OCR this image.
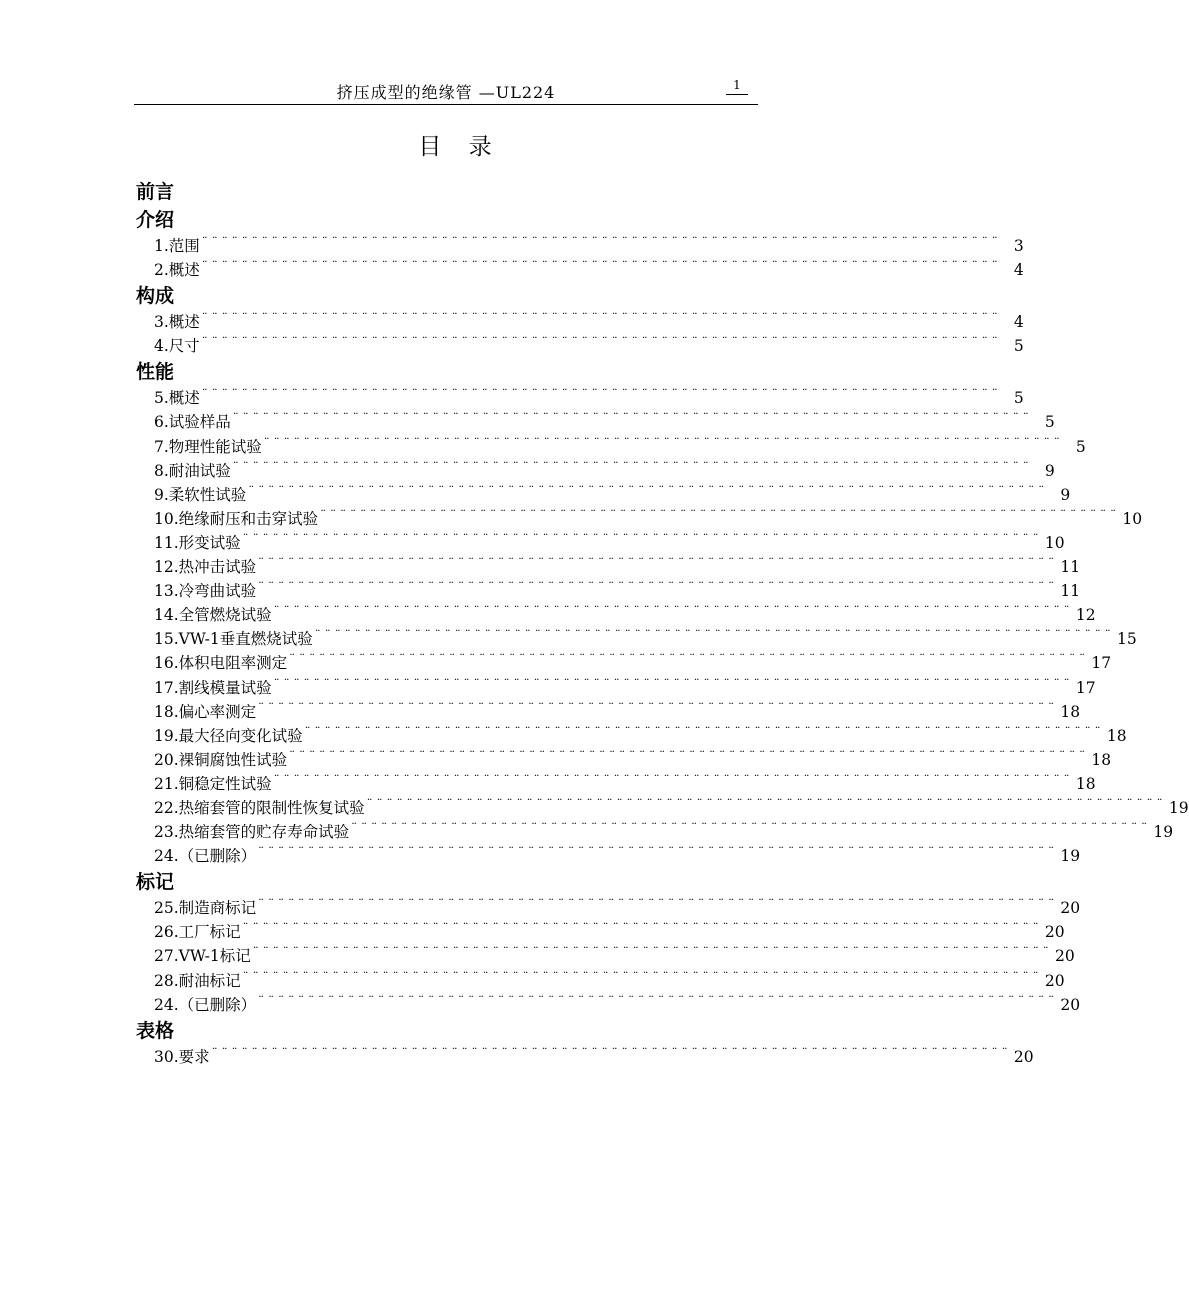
挤压成型的绝缘管 —UL224	1
目 录
前言
介绍
1.范围 ¨¨¨¨¨¨¨¨¨¨¨¨¨¨¨¨¨¨¨¨¨¨¨¨¨¨¨¨¨¨¨¨¨¨¨¨¨¨¨¨¨¨¨¨¨¨¨¨¨¨¨¨¨¨¨¨¨¨¨¨¨¨¨¨¨¨¨¨¨¨¨¨¨¨¨¨¨¨¨¨ 3
2.概述 ¨¨¨¨¨¨¨¨¨¨¨¨¨¨¨¨¨¨¨¨¨¨¨¨¨¨¨¨¨¨¨¨¨¨¨¨¨¨¨¨¨¨¨¨¨¨¨¨¨¨¨¨¨¨¨¨¨¨¨¨¨¨¨¨¨¨¨¨¨¨¨¨¨¨¨¨¨¨¨¨ 4
构成
3.概述 ¨¨¨¨¨¨¨¨¨¨¨¨¨¨¨¨¨¨¨¨¨¨¨¨¨¨¨¨¨¨¨¨¨¨¨¨¨¨¨¨¨¨¨¨¨¨¨¨¨¨¨¨¨¨¨¨¨¨¨¨¨¨¨¨¨¨¨¨¨¨¨¨¨¨¨¨¨¨¨¨ 4
4.尺寸 ¨¨¨¨¨¨¨¨¨¨¨¨¨¨¨¨¨¨¨¨¨¨¨¨¨¨¨¨¨¨¨¨¨¨¨¨¨¨¨¨¨¨¨¨¨¨¨¨¨¨¨¨¨¨¨¨¨¨¨¨¨¨¨¨¨¨¨¨¨¨¨¨¨¨¨¨¨¨¨¨ 5
性能
5.概述 ¨¨¨¨¨¨¨¨¨¨¨¨¨¨¨¨¨¨¨¨¨¨¨¨¨¨¨¨¨¨¨¨¨¨¨¨¨¨¨¨¨¨¨¨¨¨¨¨¨¨¨¨¨¨¨¨¨¨¨¨¨¨¨¨¨¨¨¨¨¨¨¨¨¨¨¨¨¨¨¨ 5
6.试验样品 ¨¨¨¨¨¨¨¨¨¨¨¨¨¨¨¨¨¨¨¨¨¨¨¨¨¨¨¨¨¨¨¨¨¨¨¨¨¨¨¨¨¨¨¨¨¨¨¨¨¨¨¨¨¨¨¨¨¨¨¨¨¨¨¨¨¨¨¨¨¨¨¨¨¨¨¨¨¨¨¨ 5
7.物理性能试验 ¨¨¨¨¨¨¨¨¨¨¨¨¨¨¨¨¨¨¨¨¨¨¨¨¨¨¨¨¨¨¨¨¨¨¨¨¨¨¨¨¨¨¨¨¨¨¨¨¨¨¨¨¨¨¨¨¨¨¨¨¨¨¨¨¨¨¨¨¨¨¨¨¨¨¨¨¨¨¨¨ 5
8.耐油试验 ¨¨¨¨¨¨¨¨¨¨¨¨¨¨¨¨¨¨¨¨¨¨¨¨¨¨¨¨¨¨¨¨¨¨¨¨¨¨¨¨¨¨¨¨¨¨¨¨¨¨¨¨¨¨¨¨¨¨¨¨¨¨¨¨¨¨¨¨¨¨¨¨¨¨¨¨¨¨¨¨ 9
9.柔软性试验 ¨¨¨¨¨¨¨¨¨¨¨¨¨¨¨¨¨¨¨¨¨¨¨¨¨¨¨¨¨¨¨¨¨¨¨¨¨¨¨¨¨¨¨¨¨¨¨¨¨¨¨¨¨¨¨¨¨¨¨¨¨¨¨¨¨¨¨¨¨¨¨¨¨¨¨¨¨¨¨¨ 9
10.绝缘耐压和击穿试验 ¨¨¨¨¨¨¨¨¨¨¨¨¨¨¨¨¨¨¨¨¨¨¨¨¨¨¨¨¨¨¨¨¨¨¨¨¨¨¨¨¨¨¨¨¨¨¨¨¨¨¨¨¨¨¨¨¨¨¨¨¨¨¨¨¨¨¨¨¨¨¨¨¨¨¨¨¨¨¨¨ 10
11.形变试验 ¨¨¨¨¨¨¨¨¨¨¨¨¨¨¨¨¨¨¨¨¨¨¨¨¨¨¨¨¨¨¨¨¨¨¨¨¨¨¨¨¨¨¨¨¨¨¨¨¨¨¨¨¨¨¨¨¨¨¨¨¨¨¨¨¨¨¨¨¨¨¨¨¨¨¨¨¨¨¨¨ 10
12.热冲击试验 ¨¨¨¨¨¨¨¨¨¨¨¨¨¨¨¨¨¨¨¨¨¨¨¨¨¨¨¨¨¨¨¨¨¨¨¨¨¨¨¨¨¨¨¨¨¨¨¨¨¨¨¨¨¨¨¨¨¨¨¨¨¨¨¨¨¨¨¨¨¨¨¨¨¨¨¨¨¨¨¨ 11
13.冷弯曲试验 ¨¨¨¨¨¨¨¨¨¨¨¨¨¨¨¨¨¨¨¨¨¨¨¨¨¨¨¨¨¨¨¨¨¨¨¨¨¨¨¨¨¨¨¨¨¨¨¨¨¨¨¨¨¨¨¨¨¨¨¨¨¨¨¨¨¨¨¨¨¨¨¨¨¨¨¨¨¨¨¨ 11
14.全管燃烧试验 ¨¨¨¨¨¨¨¨¨¨¨¨¨¨¨¨¨¨¨¨¨¨¨¨¨¨¨¨¨¨¨¨¨¨¨¨¨¨¨¨¨¨¨¨¨¨¨¨¨¨¨¨¨¨¨¨¨¨¨¨¨¨¨¨¨¨¨¨¨¨¨¨¨¨¨¨¨¨¨¨ 12
15.VW-1垂直燃烧试验 ¨¨¨¨¨¨¨¨¨¨¨¨¨¨¨¨¨¨¨¨¨¨¨¨¨¨¨¨¨¨¨¨¨¨¨¨¨¨¨¨¨¨¨¨¨¨¨¨¨¨¨¨¨¨¨¨¨¨¨¨¨¨¨¨¨¨¨¨¨¨¨¨¨¨¨¨¨¨¨¨ 15
16.体积电阻率测定 ¨¨¨¨¨¨¨¨¨¨¨¨¨¨¨¨¨¨¨¨¨¨¨¨¨¨¨¨¨¨¨¨¨¨¨¨¨¨¨¨¨¨¨¨¨¨¨¨¨¨¨¨¨¨¨¨¨¨¨¨¨¨¨¨¨¨¨¨¨¨¨¨¨¨¨¨¨¨¨¨ 17
17.割线模量试验 ¨¨¨¨¨¨¨¨¨¨¨¨¨¨¨¨¨¨¨¨¨¨¨¨¨¨¨¨¨¨¨¨¨¨¨¨¨¨¨¨¨¨¨¨¨¨¨¨¨¨¨¨¨¨¨¨¨¨¨¨¨¨¨¨¨¨¨¨¨¨¨¨¨¨¨¨¨¨¨¨ 17
18.偏心率测定 ¨¨¨¨¨¨¨¨¨¨¨¨¨¨¨¨¨¨¨¨¨¨¨¨¨¨¨¨¨¨¨¨¨¨¨¨¨¨¨¨¨¨¨¨¨¨¨¨¨¨¨¨¨¨¨¨¨¨¨¨¨¨¨¨¨¨¨¨¨¨¨¨¨¨¨¨¨¨¨¨ 18
19.最大径向变化试验 ¨¨¨¨¨¨¨¨¨¨¨¨¨¨¨¨¨¨¨¨¨¨¨¨¨¨¨¨¨¨¨¨¨¨¨¨¨¨¨¨¨¨¨¨¨¨¨¨¨¨¨¨¨¨¨¨¨¨¨¨¨¨¨¨¨¨¨¨¨¨¨¨¨¨¨¨¨¨¨¨ 18
20.裸铜腐蚀性试验 ¨¨¨¨¨¨¨¨¨¨¨¨¨¨¨¨¨¨¨¨¨¨¨¨¨¨¨¨¨¨¨¨¨¨¨¨¨¨¨¨¨¨¨¨¨¨¨¨¨¨¨¨¨¨¨¨¨¨¨¨¨¨¨¨¨¨¨¨¨¨¨¨¨¨¨¨¨¨¨¨ 18
21.铜稳定性试验 ¨¨¨¨¨¨¨¨¨¨¨¨¨¨¨¨¨¨¨¨¨¨¨¨¨¨¨¨¨¨¨¨¨¨¨¨¨¨¨¨¨¨¨¨¨¨¨¨¨¨¨¨¨¨¨¨¨¨¨¨¨¨¨¨¨¨¨¨¨¨¨¨¨¨¨¨¨¨¨¨ 18
22.热缩套管的限制性恢复试验 ¨¨¨¨¨¨¨¨¨¨¨¨¨¨¨¨¨¨¨¨¨¨¨¨¨¨¨¨¨¨¨¨¨¨¨¨¨¨¨¨¨¨¨¨¨¨¨¨¨¨¨¨¨¨¨¨¨¨¨¨¨¨¨¨¨¨¨¨¨¨¨¨¨¨¨¨¨¨¨¨ 19
23.热缩套管的贮存寿命试验 ¨¨¨¨¨¨¨¨¨¨¨¨¨¨¨¨¨¨¨¨¨¨¨¨¨¨¨¨¨¨¨¨¨¨¨¨¨¨¨¨¨¨¨¨¨¨¨¨¨¨¨¨¨¨¨¨¨¨¨¨¨¨¨¨¨¨¨¨¨¨¨¨¨¨¨¨¨¨¨¨ 19
24.（已删除） ¨¨¨¨¨¨¨¨¨¨¨¨¨¨¨¨¨¨¨¨¨¨¨¨¨¨¨¨¨¨¨¨¨¨¨¨¨¨¨¨¨¨¨¨¨¨¨¨¨¨¨¨¨¨¨¨¨¨¨¨¨¨¨¨¨¨¨¨¨¨¨¨¨¨¨¨¨¨¨¨ 19
标记
25.制造商标记 ¨¨¨¨¨¨¨¨¨¨¨¨¨¨¨¨¨¨¨¨¨¨¨¨¨¨¨¨¨¨¨¨¨¨¨¨¨¨¨¨¨¨¨¨¨¨¨¨¨¨¨¨¨¨¨¨¨¨¨¨¨¨¨¨¨¨¨¨¨¨¨¨¨¨¨¨¨¨¨¨ 20
26.工厂标记 ¨¨¨¨¨¨¨¨¨¨¨¨¨¨¨¨¨¨¨¨¨¨¨¨¨¨¨¨¨¨¨¨¨¨¨¨¨¨¨¨¨¨¨¨¨¨¨¨¨¨¨¨¨¨¨¨¨¨¨¨¨¨¨¨¨¨¨¨¨¨¨¨¨¨¨¨¨¨¨¨ 20
27.VW-1标记 ¨¨¨¨¨¨¨¨¨¨¨¨¨¨¨¨¨¨¨¨¨¨¨¨¨¨¨¨¨¨¨¨¨¨¨¨¨¨¨¨¨¨¨¨¨¨¨¨¨¨¨¨¨¨¨¨¨¨¨¨¨¨¨¨¨¨¨¨¨¨¨¨¨¨¨¨¨¨¨¨ 20
28.耐油标记 ¨¨¨¨¨¨¨¨¨¨¨¨¨¨¨¨¨¨¨¨¨¨¨¨¨¨¨¨¨¨¨¨¨¨¨¨¨¨¨¨¨¨¨¨¨¨¨¨¨¨¨¨¨¨¨¨¨¨¨¨¨¨¨¨¨¨¨¨¨¨¨¨¨¨¨¨¨¨¨¨ 20
24.（已删除） ¨¨¨¨¨¨¨¨¨¨¨¨¨¨¨¨¨¨¨¨¨¨¨¨¨¨¨¨¨¨¨¨¨¨¨¨¨¨¨¨¨¨¨¨¨¨¨¨¨¨¨¨¨¨¨¨¨¨¨¨¨¨¨¨¨¨¨¨¨¨¨¨¨¨¨¨¨¨¨¨ 20
表格
30.要求 ¨¨¨¨¨¨¨¨¨¨¨¨¨¨¨¨¨¨¨¨¨¨¨¨¨¨¨¨¨¨¨¨¨¨¨¨¨¨¨¨¨¨¨¨¨¨¨¨¨¨¨¨¨¨¨¨¨¨¨¨¨¨¨¨¨¨¨¨¨¨¨¨¨¨¨¨¨¨¨¨ 20
